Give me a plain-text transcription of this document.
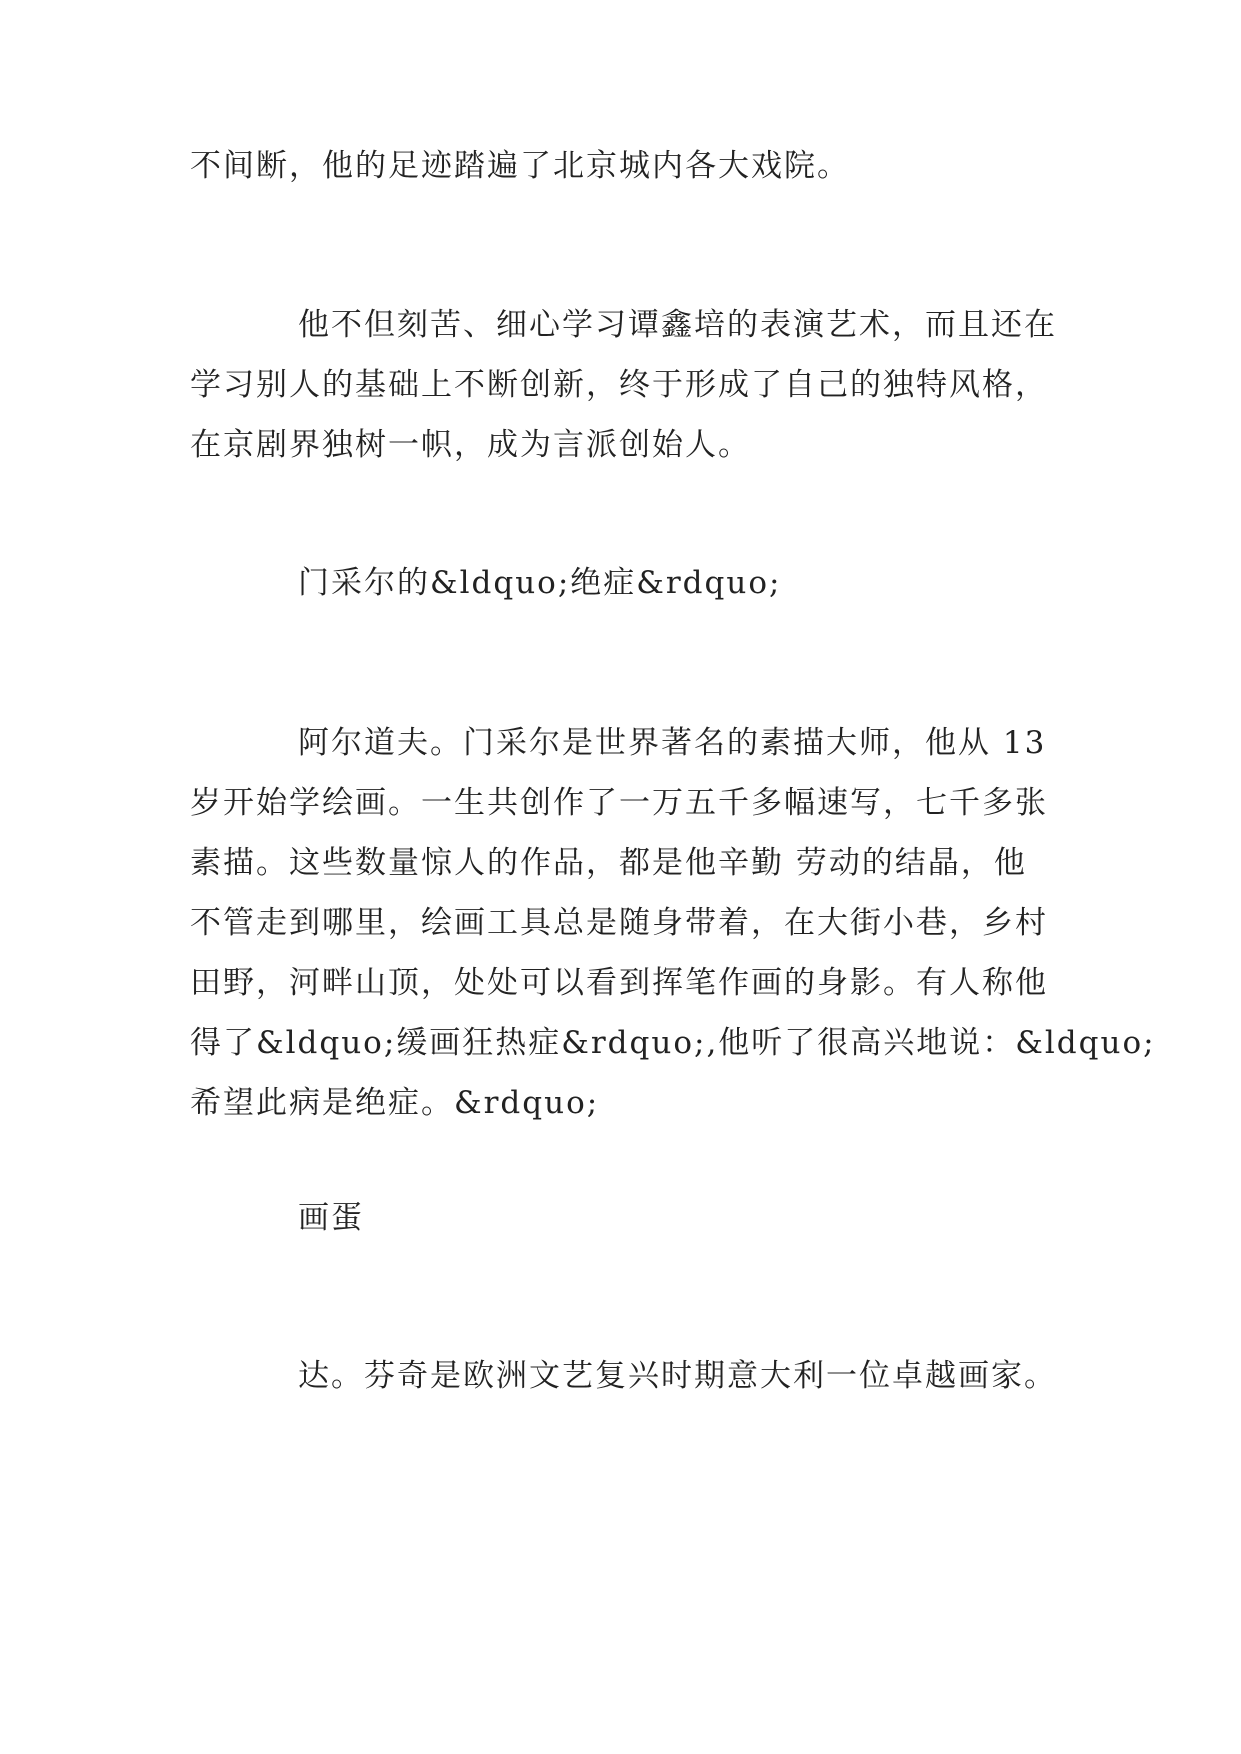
不间断，他的足迹踏遍了北京城内各大戏院。

他不但刻苦、细心学习谭鑫培的表演艺术，而且还在
学习别人的基础上不断创新，终于形成了自己的独特风格，
在京剧界独树一帜，成为言派创始人。

门采尔的&ldquo;绝症&rdquo;

阿尔道夫。门采尔是世界著名的素描大师，他从 13
岁开始学绘画。一生共创作了一万五千多幅速写，七千多张
素描。这些数量惊人的作品，都是他辛勤 劳动的结晶，他
不管走到哪里，绘画工具总是随身带着，在大街小巷，乡村
田野，河畔山顶，处处可以看到挥笔作画的身影。有人称他
得了&ldquo;缓画狂热症&rdquo;,他听了很高兴地说：&ldquo;
希望此病是绝症。&rdquo;

画蛋

达。芬奇是欧洲文艺复兴时期意大利一位卓越画家。
